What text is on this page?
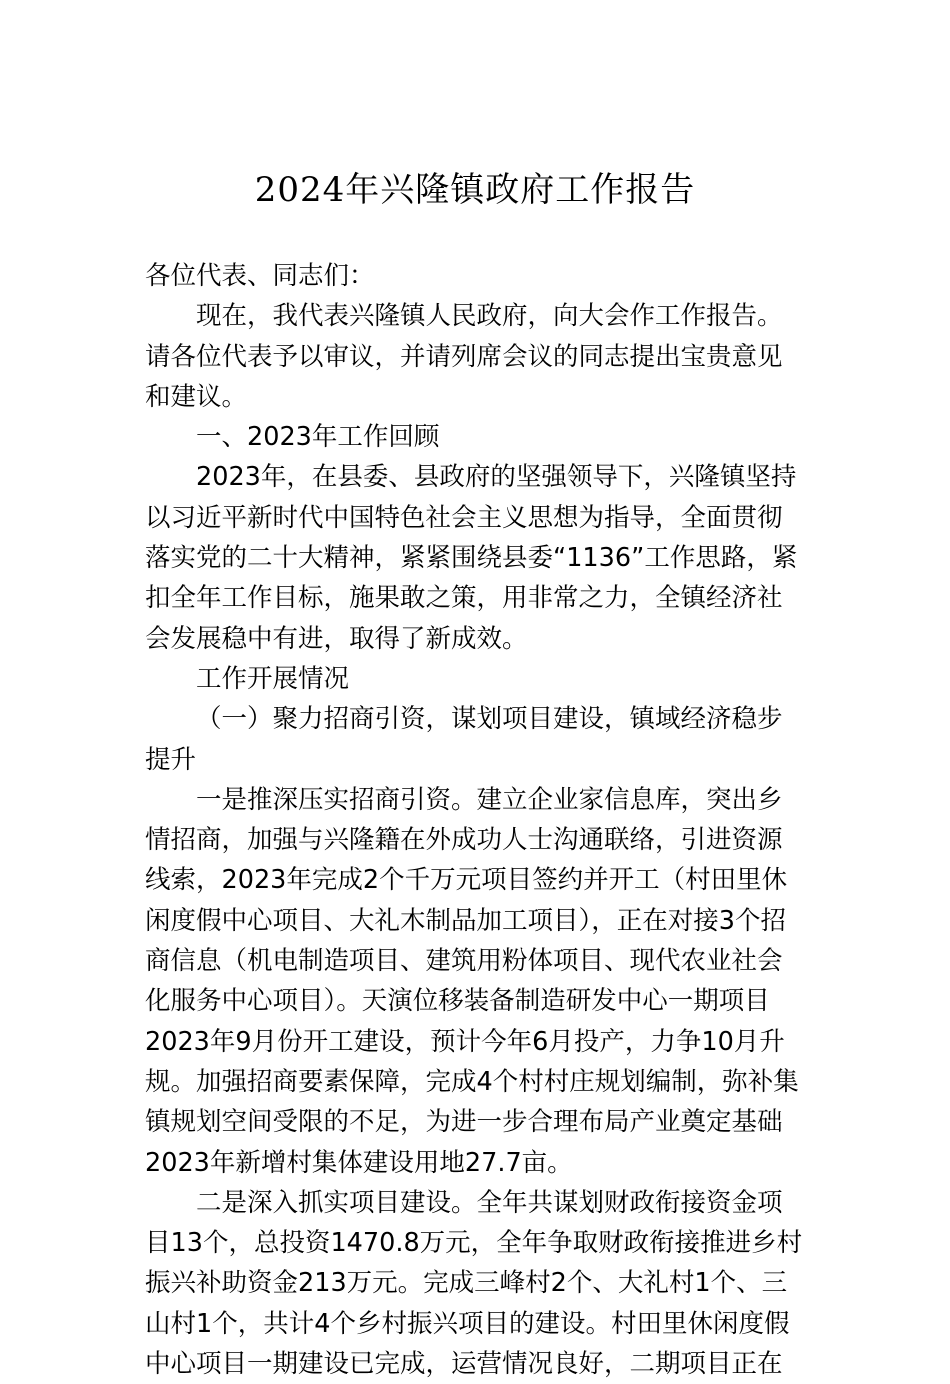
2024年兴隆镇政府工作报告
各位代表、同志们：
现在，我代表兴隆镇人民政府，向大会作工作报告。
请各位代表予以审议，并请列席会议的同志提出宝贵意见
和建议。
一、2023年工作回顾
2023年，在县委、县政府的坚强领导下，兴隆镇坚持
以习近平新时代中国特色社会主义思想为指导，全面贯彻
落实党的二十大精神，紧紧围绕县委“1136”工作思路，紧
扣全年工作目标，施果敢之策，用非常之力，全镇经济社
会发展稳中有进，取得了新成效。
工作开展情况
（一）聚力招商引资，谋划项目建设，镇域经济稳步
提升
一是推深压实招商引资。建立企业家信息库，突出乡
情招商，加强与兴隆籍在外成功人士沟通联络，引进资源
线索，2023年完成2个千万元项目签约并开工（村田里休
闲度假中心项目、大礼木制品加工项目），正在对接3个招
商信息（机电制造项目、建筑用粉体项目、现代农业社会
化服务中心项目）。天演位移装备制造研发中心一期项目
2023年9月份开工建设，预计今年6月投产，力争10月升
规。加强招商要素保障，完成4个村村庄规划编制，弥补集
镇规划空间受限的不足，为进一步合理布局产业奠定基础
2023年新增村集体建设用地27.7亩。
二是深入抓实项目建设。全年共谋划财政衔接资金项
目13个，总投资1470.8万元，全年争取财政衔接推进乡村
振兴补助资金213万元。完成三峰村2个、大礼村1个、三
山村1个，共计4个乡村振兴项目的建设。村田里休闲度假
中心项目一期建设已完成，运营情况良好，二期项目正在
